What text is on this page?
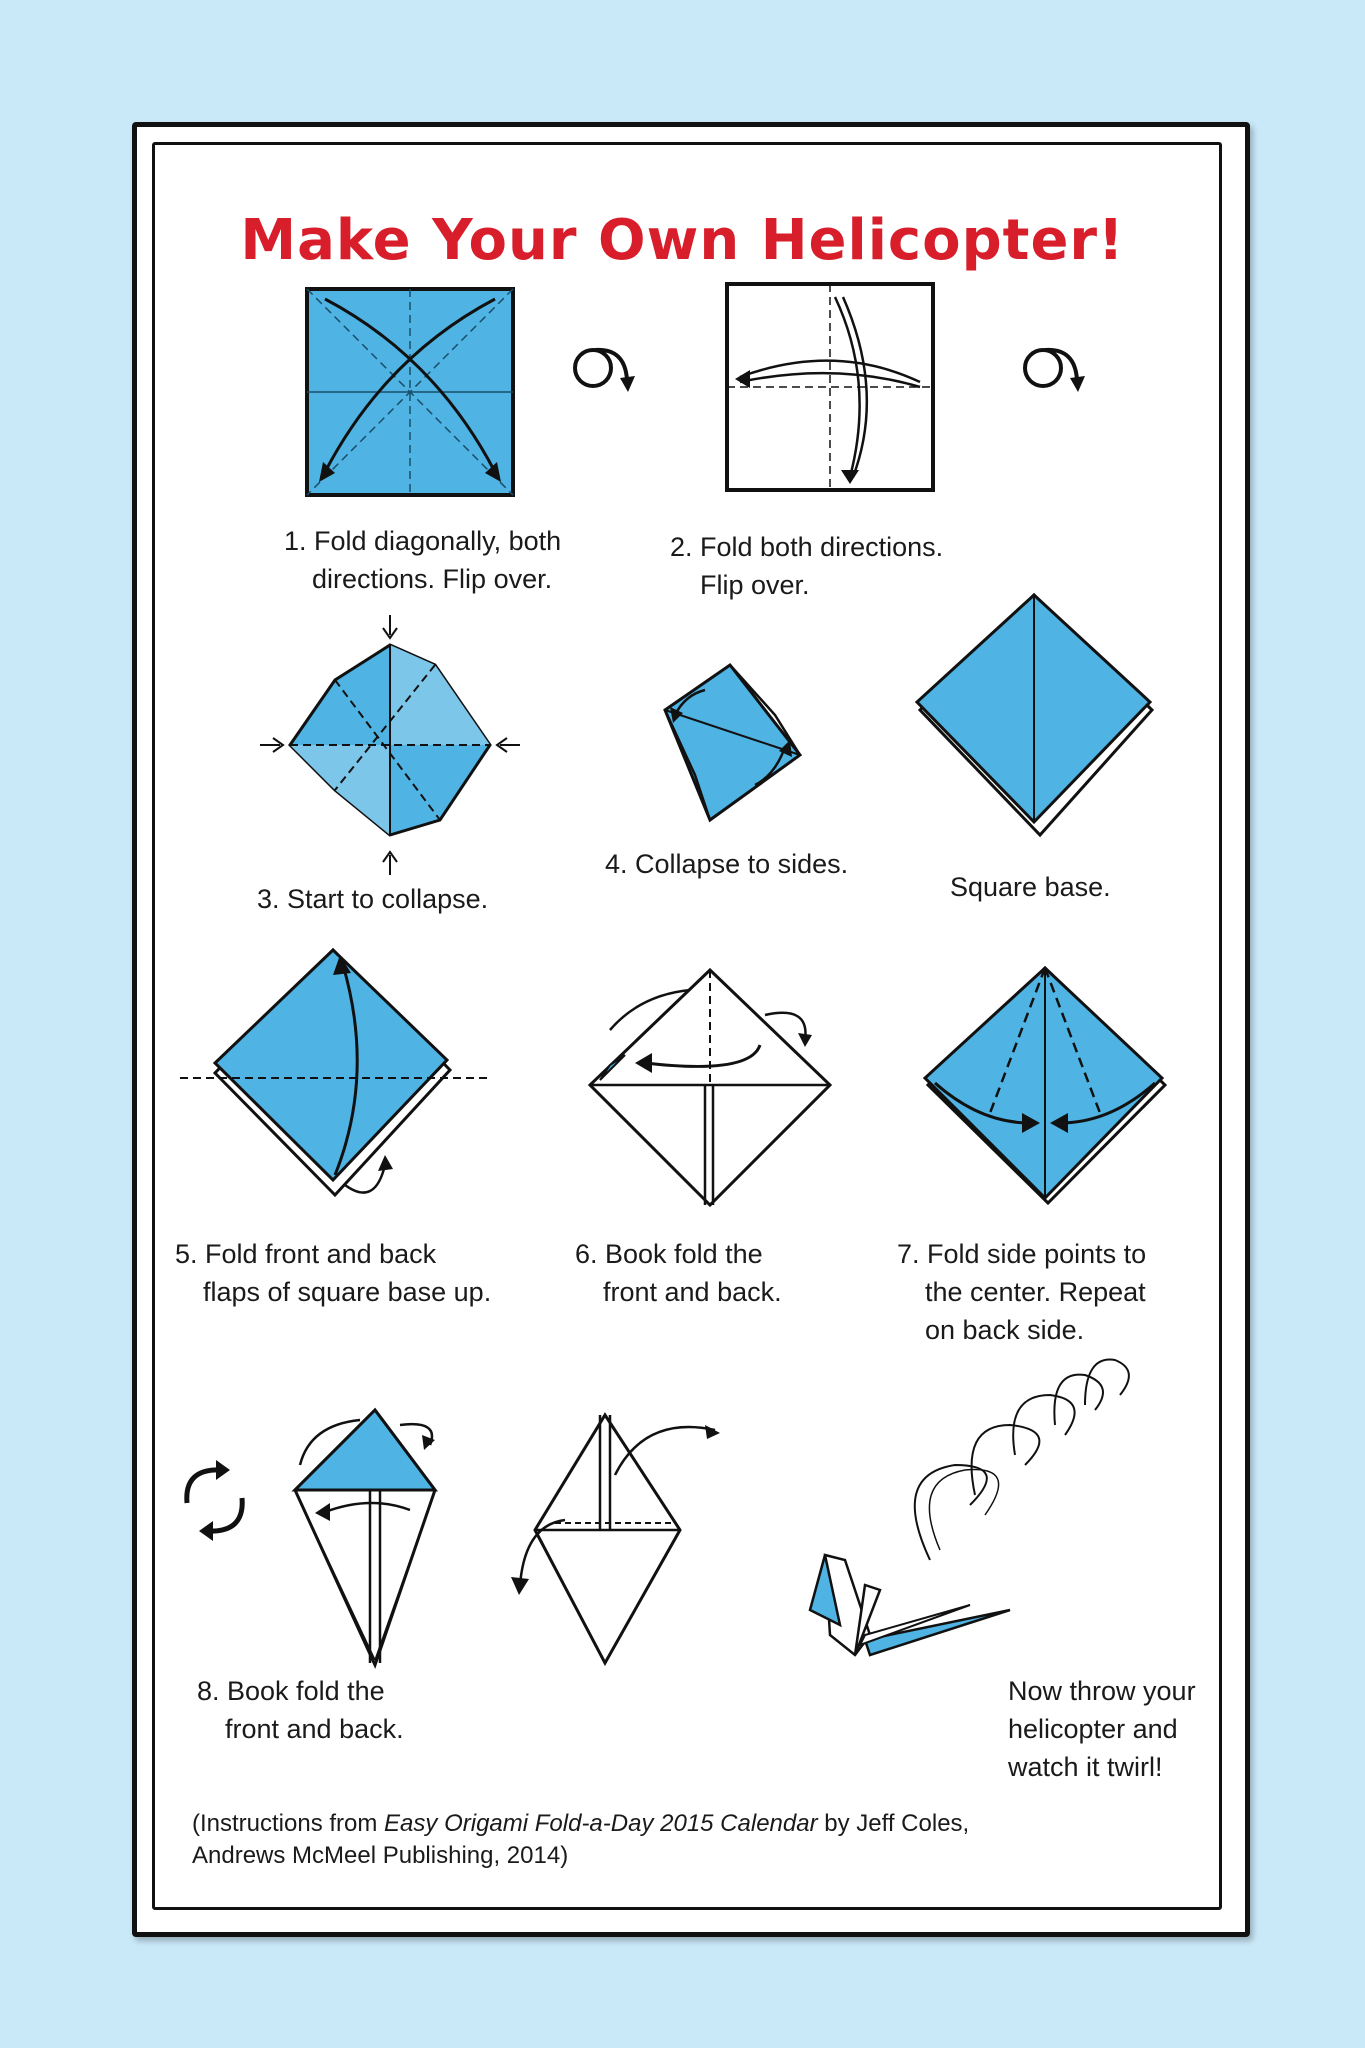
Make Your Own Helicopter!
1. Fold diagonally, both
directions. Flip over.
2. Fold both directions.
Flip over.
3. Start to collapse.
4. Collapse to sides.
Square base.
5. Fold front and back
flaps of square base up.
6. Book fold the
front and back.
7. Fold side points to
the center. Repeat
on back side.
8. Book fold the
front and back.
Now throw your
helicopter and
watch it twirl!
(Instructions from Easy Origami Fold-a-Day 2015 Calendar by Jeff Coles,
Andrews McMeel Publishing, 2014)
